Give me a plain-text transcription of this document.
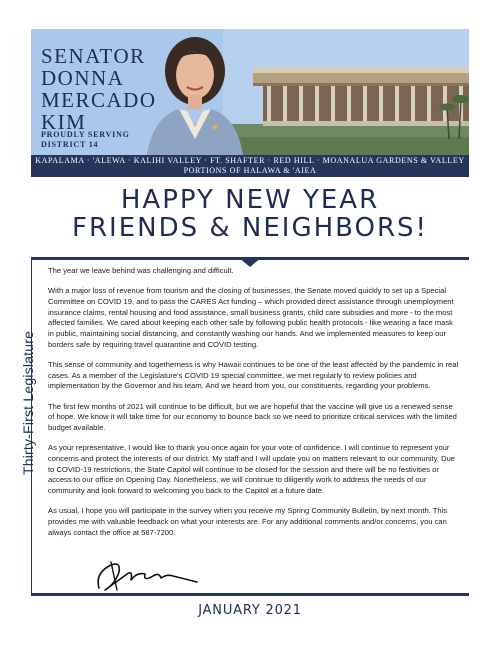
SENATOR
DONNA
MERCADO
KIM
PROUDLY SERVING
DISTRICT 14
KAPALAMA · 'ALEWA · KALIHI VALLEY · FT. SHAFTER · RED HILL · MOANALUA GARDENS & VALLEY
PORTIONS OF HALAWA & 'AIEA
HAPPY NEW YEAR
FRIENDS & NEIGHBORS!
Thirty-First Legislature

The year we leave behind was challenging and difficult.

With a major loss of revenue from tourism and the closing of businesses, the Senate moved quickly to set up a Special Committee on COVID 19, and to pass the CARES Act funding – which provided direct assistance through unemployment insurance claims, rental housing and food assistance, small business grants, child care subsidies and more - to the most affected families. We cared about keeping each other safe by following public health protocols - like wearing a face mask in public, maintaining social distancing, and constantly washing our hands. And we implemented measures to keep our borders safe by requiring travel quarantine and COVID testing.

This sense of community and togetherness is why Hawaii continues to be one of the least affected by the pandemic in real cases. As a member of the Legislature's COVID 19 special committee, we met regularly to review policies and implementation by the Governor and his team. And we heard from you, our constituents, regarding your problems.

The first few months of 2021 will continue to be difficult, but we are hopeful that the vaccine will give us a renewed sense of hope. We know it will take time for our economy to bounce back so we need to prioritize critical services with the limited budget available.

As your representative, I would like to thank you once again for your vote of confidence. I will continue to represent your concerns and protect the interests of our district. My staff and I will update you on matters relevant to our community. Due to COVID-19 restrictions, the State Capitol will continue to be closed for the session and there will be no festivities or access to our office on Opening Day. Nonetheless, we will continue to diligently work to address the needs of our community and look forward to welcoming you back to the Capitol at a future date.

As usual, I hope you will participate in the survey when you receive my Spring Community Bulletin, by next month. This provides me with valuable feedback on what your interests are. For any additional comments and/or concerns, you can always contact the office at 587-7200.

JANUARY 2021
